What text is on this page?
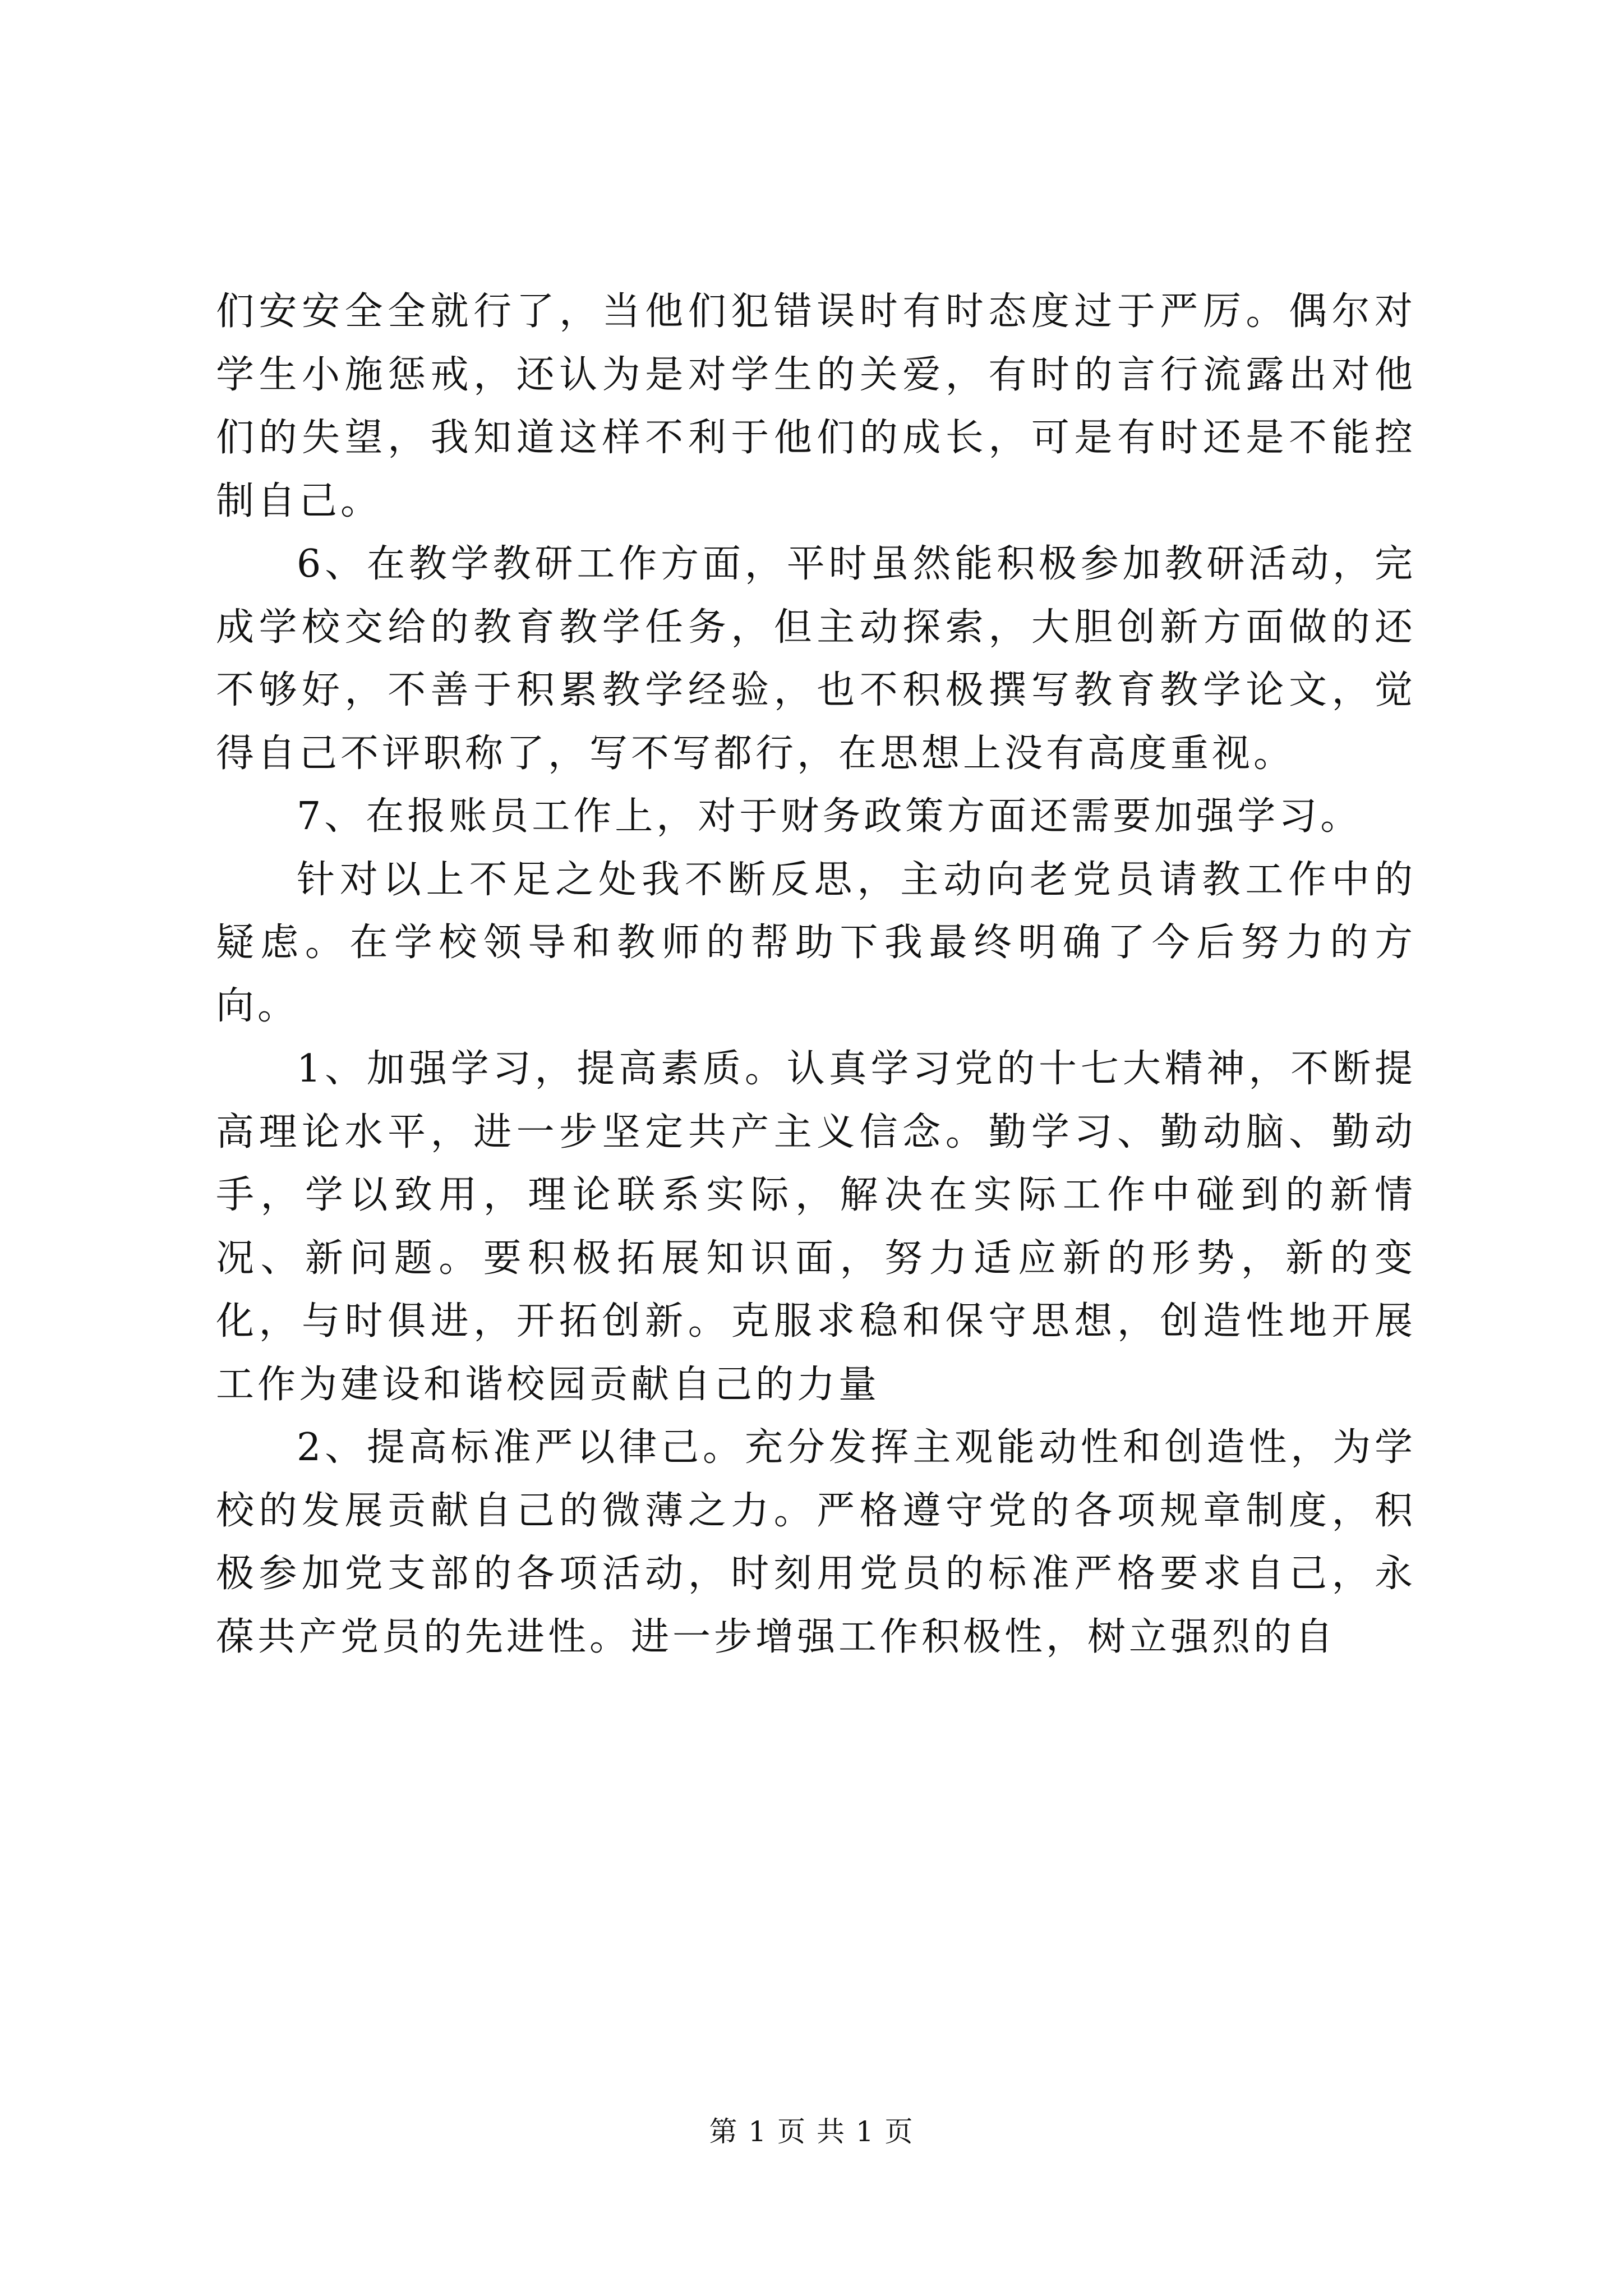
们安安全全就行了，当他们犯错误时有时态度过于严厉。偶尔对学生小施惩戒，还认为是对学生的关爱，有时的言行流露出对他们的失望，我知道这样不利于他们的成长，可是有时还是不能控制自己。

6、在教学教研工作方面，平时虽然能积极参加教研活动，完成学校交给的教育教学任务，但主动探索，大胆创新方面做的还不够好，不善于积累教学经验，也不积极撰写教育教学论文，觉得自己不评职称了，写不写都行，在思想上没有高度重视。

7、在报账员工作上，对于财务政策方面还需要加强学习。

针对以上不足之处我不断反思，主动向老党员请教工作中的疑虑。在学校领导和教师的帮助下我最终明确了今后努力的方向。

1、加强学习，提高素质。认真学习党的十七大精神，不断提高理论水平，进一步坚定共产主义信念。勤学习、勤动脑、勤动手，学以致用，理论联系实际，解决在实际工作中碰到的新情况、新问题。要积极拓展知识面，努力适应新的形势，新的变化，与时俱进，开拓创新。克服求稳和保守思想，创造性地开展工作为建设和谐校园贡献自己的力量

2、提高标准严以律己。充分发挥主观能动性和创造性，为学校的发展贡献自己的微薄之力。严格遵守党的各项规章制度，积极参加党支部的各项活动，时刻用党员的标准严格要求自己，永葆共产党员的先进性。进一步增强工作积极性，树立强烈的自

第 1 页 共 1 页
